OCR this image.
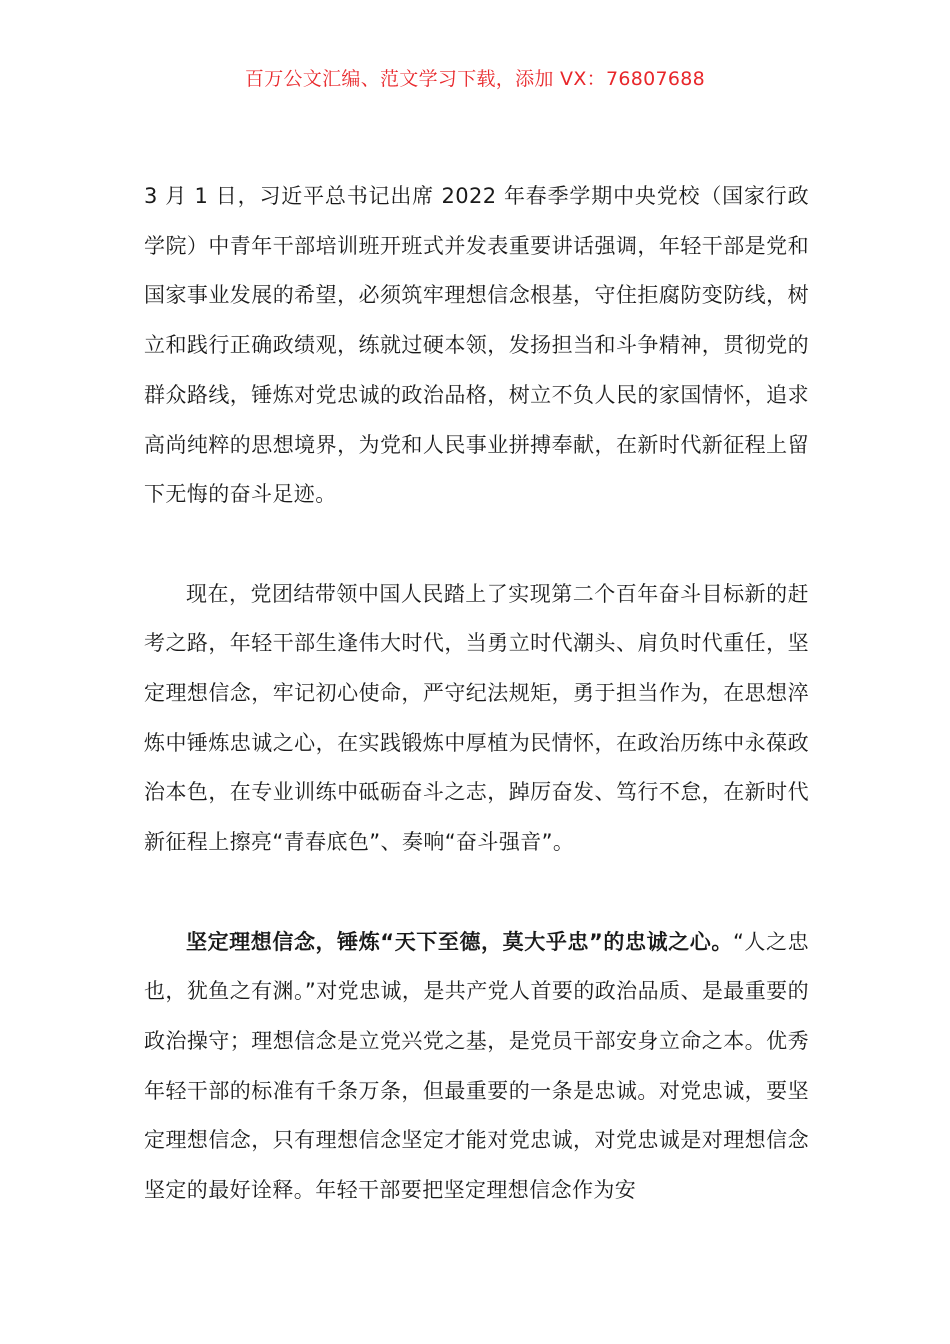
百万公文汇编、范文学习下载，添加 VX：76807688

3 月 1 日，习近平总书记出席 2022 年春季学期中央党校（国家行政学院）中青年干部培训班开班式并发表重要讲话强调，年轻干部是党和国家事业发展的希望，必须筑牢理想信念根基，守住拒腐防变防线，树立和践行正确政绩观，练就过硬本领，发扬担当和斗争精神，贯彻党的群众路线，锤炼对党忠诚的政治品格，树立不负人民的家国情怀，追求高尚纯粹的思想境界，为党和人民事业拼搏奉献，在新时代新征程上留下无悔的奋斗足迹。

现在，党团结带领中国人民踏上了实现第二个百年奋斗目标新的赶考之路，年轻干部生逢伟大时代，当勇立时代潮头、肩负时代重任，坚定理想信念，牢记初心使命，严守纪法规矩，勇于担当作为，在思想淬炼中锤炼忠诚之心，在实践锻炼中厚植为民情怀，在政治历练中永葆政治本色，在专业训练中砥砺奋斗之志，踔厉奋发、笃行不怠，在新时代新征程上擦亮“青春底色”、奏响“奋斗强音”。

坚定理想信念，锤炼“天下至德，莫大乎忠”的忠诚之心。“人之忠也，犹鱼之有渊。”对党忠诚，是共产党人首要的政治品质、是最重要的政治操守；理想信念是立党兴党之基，是党员干部安身立命之本。优秀年轻干部的标准有千条万条，但最重要的一条是忠诚。对党忠诚，要坚定理想信念，只有理想信念坚定才能对党忠诚，对党忠诚是对理想信念坚定的最好诠释。年轻干部要把坚定理想信念作为安
